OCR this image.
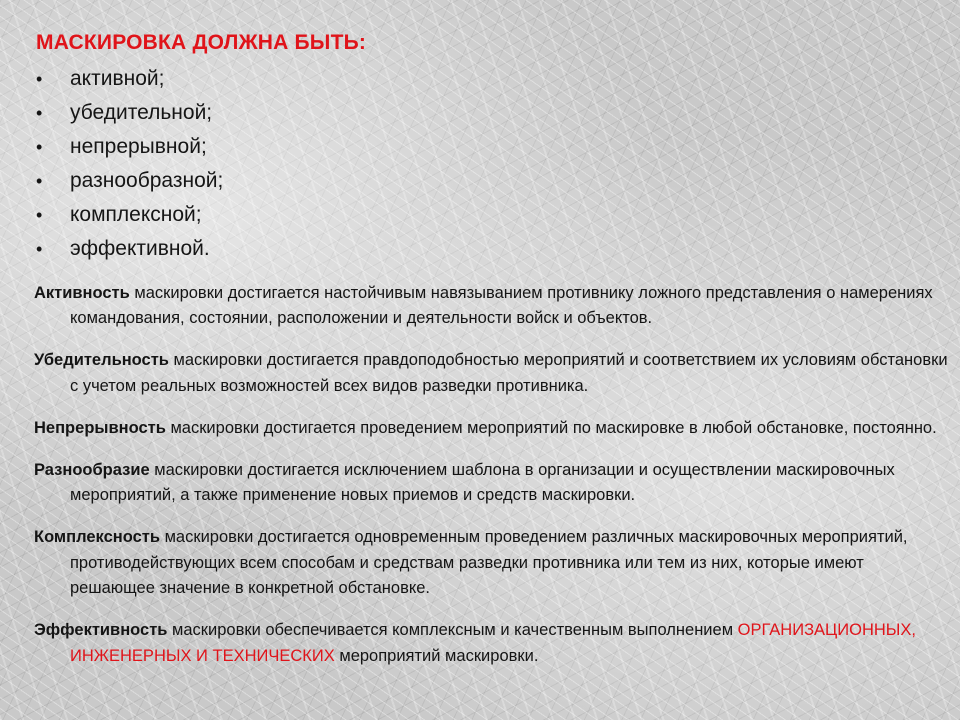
МАСКИРОВКА ДОЛЖНА БЫТЬ:
• активной;
• убедительной;
• непрерывной;
• разнообразной;
• комплексной;
• эффективной.

Активность маскировки достигается настойчивым навязыванием противнику ложного представления о намерениях командования, состоянии, расположении и деятельности войск и объектов.

Убедительность маскировки достигается правдоподобностью мероприятий и соответствием их условиям обстановки с учетом реальных возможностей всех видов разведки противника.

Непрерывность маскировки достигается проведением мероприятий по маскировке в любой обстановке, постоянно.

Разнообразие маскировки достигается исключением шаблона в организации и осуществлении маскировочных мероприятий, а также применение новых приемов и средств маскировки.

Комплексность маскировки достигается одновременным проведением различных маскировочных мероприятий, противодействующих всем способам и средствам разведки противника или тем из них, которые имеют решающее значение в конкретной обстановке.

Эффективность маскировки обеспечивается комплексным и качественным выполнением ОРГАНИЗАЦИОННЫХ, ИНЖЕНЕРНЫХ И ТЕХНИЧЕСКИХ мероприятий маскировки.
